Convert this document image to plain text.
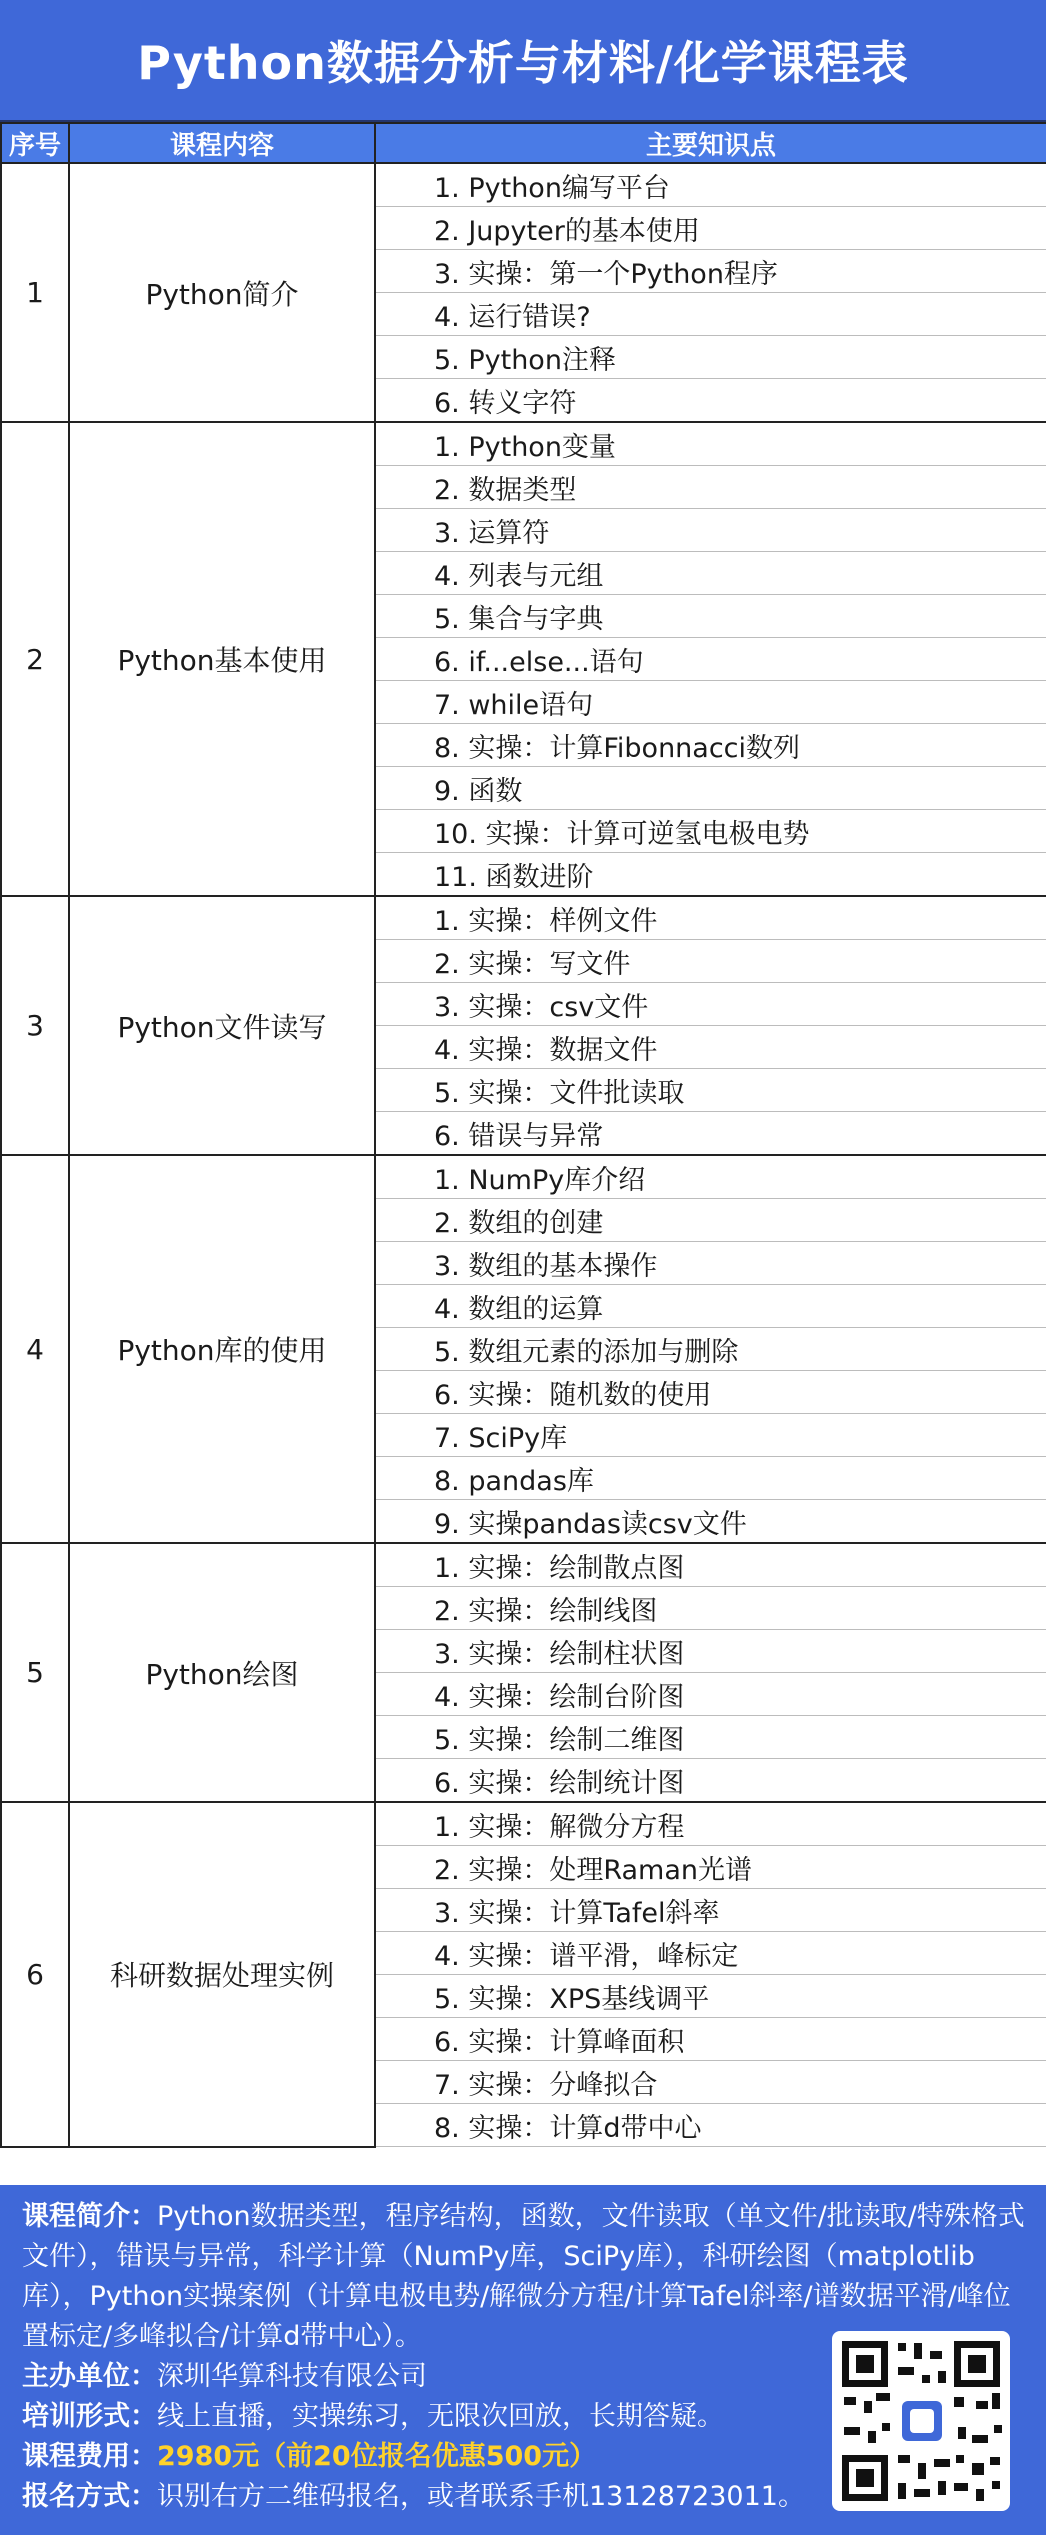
Python数据分析与材料/化学课程表
序号	课程内容	主要知识点
1	Python简介	1. Python编写平台
		2. Jupyter的基本使用
		3. 实操：第一个Python程序
		4. 运行错误?
		5. Python注释
		6. 转义字符
2	Python基本使用	1. Python变量
		2. 数据类型
		3. 运算符
		4. 列表与元组
		5. 集合与字典
		6. if...else...语句
		7. while语句
		8. 实操：计算Fibonnacci数列
		9. 函数
		10. 实操：计算可逆氢电极电势
		11. 函数进阶
3	Python文件读写	1. 实操：样例文件
		2. 实操：写文件
		3. 实操：csv文件
		4. 实操：数据文件
		5. 实操：文件批读取
		6. 错误与异常
4	Python库的使用	1. NumPy库介绍
		2. 数组的创建
		3. 数组的基本操作
		4. 数组的运算
		5. 数组元素的添加与删除
		6. 实操：随机数的使用
		7. SciPy库
		8. pandas库
		9. 实操pandas读csv文件
5	Python绘图	1. 实操：绘制散点图
		2. 实操：绘制线图
		3. 实操：绘制柱状图
		4. 实操：绘制台阶图
		5. 实操：绘制二维图
		6. 实操：绘制统计图
6	科研数据处理实例	1. 实操：解微分方程
		2. 实操：处理Raman光谱
		3. 实操：计算Tafel斜率
		4. 实操：谱平滑，峰标定
		5. 实操：XPS基线调平
		6. 实操：计算峰面积
		7. 实操：分峰拟合
		8. 实操：计算d带中心

课程简介：Python数据类型，程序结构，函数，文件读取（单文件/批读取/特殊格式文件），错误与异常，科学计算（NumPy库，SciPy库），科研绘图（matplotlib库），Python实操案例（计算电极电势/解微分方程/计算Tafel斜率/谱数据平滑/峰位置标定/多峰拟合/计算d带中心）。

主办单位：深圳华算科技有限公司
培训形式：线上直播，实操练习，无限次回放，长期答疑。
课程费用：2980元（前20位报名优惠500元）
报名方式：识别右方二维码报名，或者联系手机13128723011。
